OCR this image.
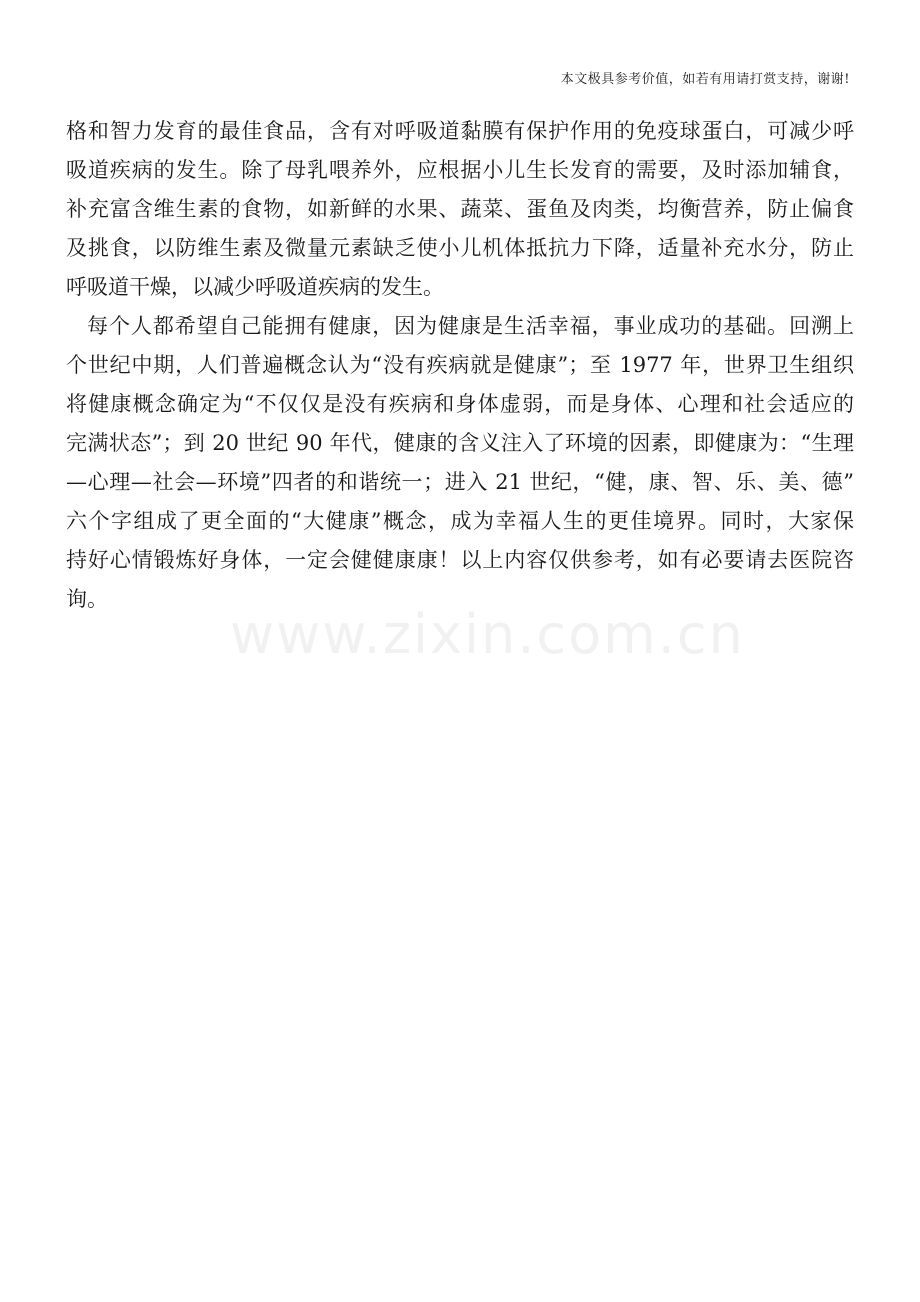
本文极具参考价值，如若有用请打赏支持，谢谢!
格和智力发育的最佳食品，含有对呼吸道黏膜有保护作用的免疫球蛋白，可减少呼
吸道疾病的发生。除了母乳喂养外，应根据小儿生长发育的需要，及时添加辅食，
补充富含维生素的食物，如新鲜的水果、蔬菜、蛋鱼及肉类，均衡营养，防止偏食
及挑食，以防维生素及微量元素缺乏使小儿机体抵抗力下降，适量补充水分，防止
呼吸道干燥，以减少呼吸道疾病的发生。
每个人都希望自己能拥有健康，因为健康是生活幸福，事业成功的基础。回溯上
个世纪中期，人们普遍概念认为“没有疾病就是健康”；至 1977 年，世界卫生组织
将健康概念确定为“不仅仅是没有疾病和身体虚弱，而是身体、心理和社会适应的
完满状态”；到 20 世纪 90 年代，健康的含义注入了环境的因素，即健康为：“生理
—心理—社会—环境”四者的和谐统一；进入 21 世纪，“健，康、智、乐、美、德”
六个字组成了更全面的“大健康”概念，成为幸福人生的更佳境界。同时，大家保
持好心情锻炼好身体，一定会健健康康！以上内容仅供参考，如有必要请去医院咨
询。
www.zixin.com.cn
